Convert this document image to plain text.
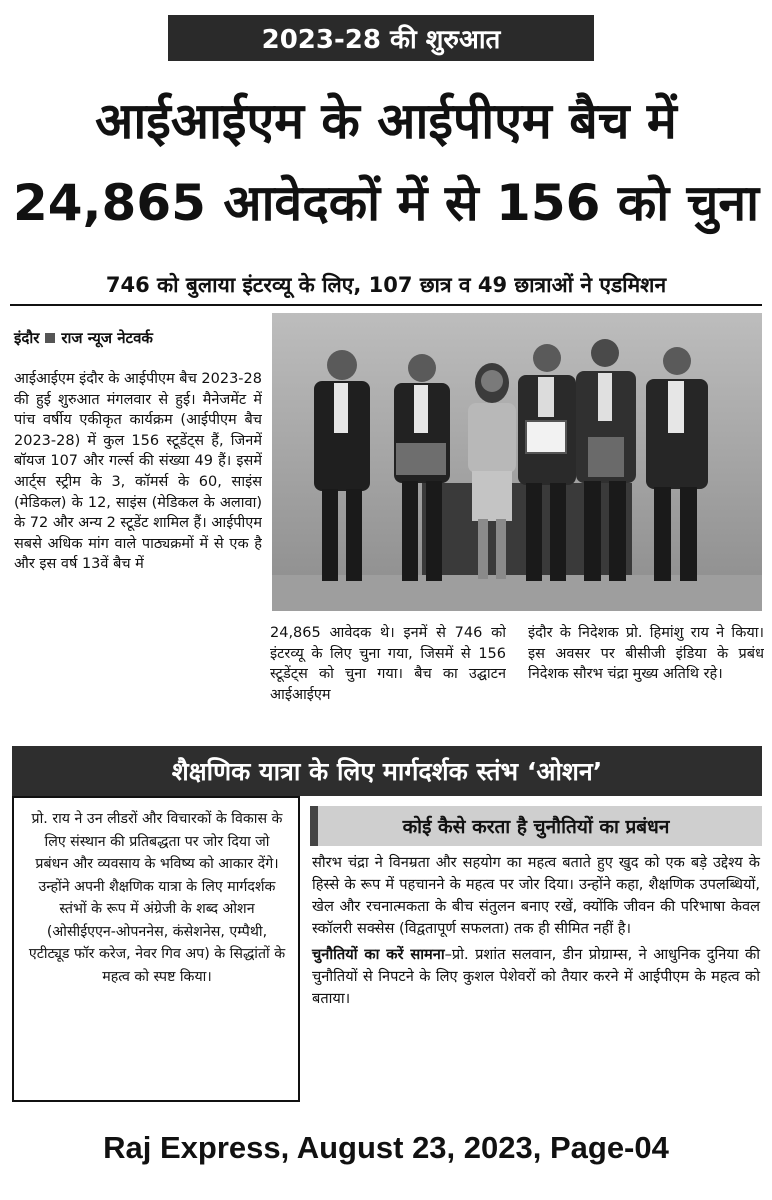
2023-28 की शुरुआत
आईआईएम के आईपीएम बैच में
24,865 आवेदकों में से 156 को चुना
746 को बुलाया इंटरव्यू के लिए, 107 छात्र व 49 छात्राओं ने एडमिशन
इंदौर राज न्यूज नेटवर्क
आईआईएम इंदौर के आईपीएम बैच 2023-28 की हुई शुरुआत मंगलवार से हुई। मैनेजमेंट में पांच वर्षीय एकीकृत कार्यक्रम (आईपीएम बैच 2023-28) में कुल 156 स्टूडेंट्स हैं, जिनमें बॉयज 107 और गर्ल्स की संख्या 49 हैं। इसमें आर्ट्स स्ट्रीम के 3, कॉमर्स के 60, साइंस (मेडिकल) के 12, साइंस (मेडिकल के अलावा) के 72 और अन्य 2 स्टूडेंट शामिल हैं। आईपीएम सबसे अधिक मांग वाले पाठ्यक्रमों में से एक है और इस वर्ष 13वें बैच में
24,865 आवेदक थे। इनमें से 746 को इंटरव्यू के लिए चुना गया, जिसमें से 156 स्टूडेंट्स को चुना गया। बैच का उद्घाटन आईआईएम
इंदौर के निदेशक प्रो. हिमांशु राय ने किया। इस अवसर पर बीसीजी इंडिया के प्रबंध निदेशक सौरभ चंद्रा मुख्य अतिथि रहे।
शैक्षणिक यात्रा के लिए मार्गदर्शक स्तंभ ‘ओशन’
प्रो. राय ने उन लीडरों और विचारकों के विकास के लिए संस्थान की प्रतिबद्धता पर जोर दिया जो प्रबंधन और व्यवसाय के भविष्य को आकार देंगे। उन्होंने अपनी शैक्षणिक यात्रा के लिए मार्गदर्शक स्तंभों के रूप में अंग्रेजी के शब्द ओशन (ओसीईएएन-ओपननेस, कंसेशनेस, एम्पैथी, एटीट्यूड फॉर करेज, नेवर गिव अप) के सिद्धांतों के महत्व को स्पष्ट किया।
कोई कैसे करता है चुनौतियों का प्रबंधन

सौरभ चंद्रा ने विनम्रता और सहयोग का महत्व बताते हुए खुद को एक बड़े उद्देश्य के हिस्से के रूप में पहचानने के महत्व पर जोर दिया। उन्होंने कहा, शैक्षणिक उपलब्धियों, खेल और रचनात्मकता के बीच संतुलन बनाए रखें, क्योंकि जीवन की परिभाषा केवल स्कॉलरी सक्सेस (विद्वतापूर्ण सफलता) तक ही सीमित नहीं है।

चुनौतियों का करें सामना–प्रो. प्रशांत सलवान, डीन प्रोग्राम्स, ने आधुनिक दुनिया की चुनौतियों से निपटने के लिए कुशल पेशेवरों को तैयार करने में आईपीएम के महत्व को बताया।

Raj Express, August 23, 2023, Page-04
